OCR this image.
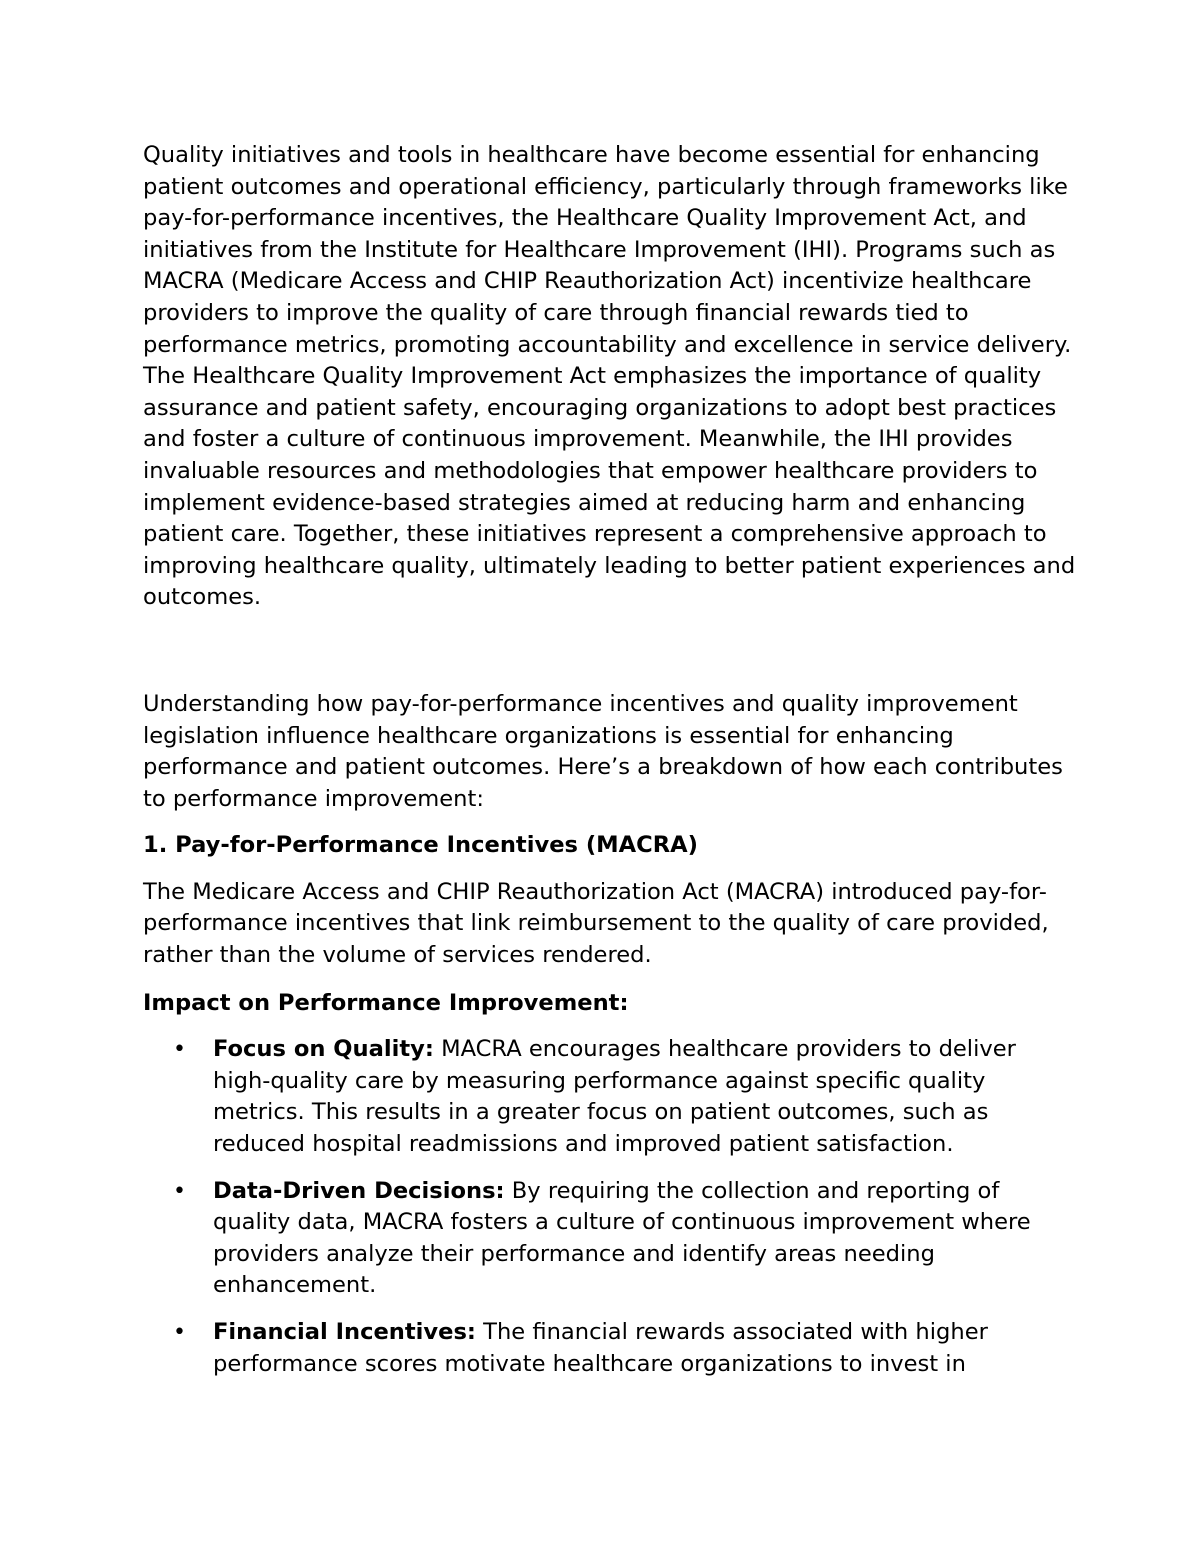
Quality initiatives and tools in healthcare have become essential for enhancing patient outcomes and operational efficiency, particularly through frameworks like pay-for-performance incentives, the Healthcare Quality Improvement Act, and initiatives from the Institute for Healthcare Improvement (IHI). Programs such as MACRA (Medicare Access and CHIP Reauthorization Act) incentivize healthcare providers to improve the quality of care through financial rewards tied to performance metrics, promoting accountability and excellence in service delivery. The Healthcare Quality Improvement Act emphasizes the importance of quality assurance and patient safety, encouraging organizations to adopt best practices and foster a culture of continuous improvement. Meanwhile, the IHI provides invaluable resources and methodologies that empower healthcare providers to implement evidence-based strategies aimed at reducing harm and enhancing patient care. Together, these initiatives represent a comprehensive approach to improving healthcare quality, ultimately leading to better patient experiences and outcomes.

Understanding how pay-for-performance incentives and quality improvement legislation influence healthcare organizations is essential for enhancing performance and patient outcomes. Here’s a breakdown of how each contributes to performance improvement:

1. Pay-for-Performance Incentives (MACRA)

The Medicare Access and CHIP Reauthorization Act (MACRA) introduced pay-for-performance incentives that link reimbursement to the quality of care provided, rather than the volume of services rendered.

Impact on Performance Improvement:

• Focus on Quality: MACRA encourages healthcare providers to deliver high-quality care by measuring performance against specific quality metrics. This results in a greater focus on patient outcomes, such as reduced hospital readmissions and improved patient satisfaction.
• Data-Driven Decisions: By requiring the collection and reporting of quality data, MACRA fosters a culture of continuous improvement where providers analyze their performance and identify areas needing enhancement.
• Financial Incentives: The financial rewards associated with higher performance scores motivate healthcare organizations to invest in
